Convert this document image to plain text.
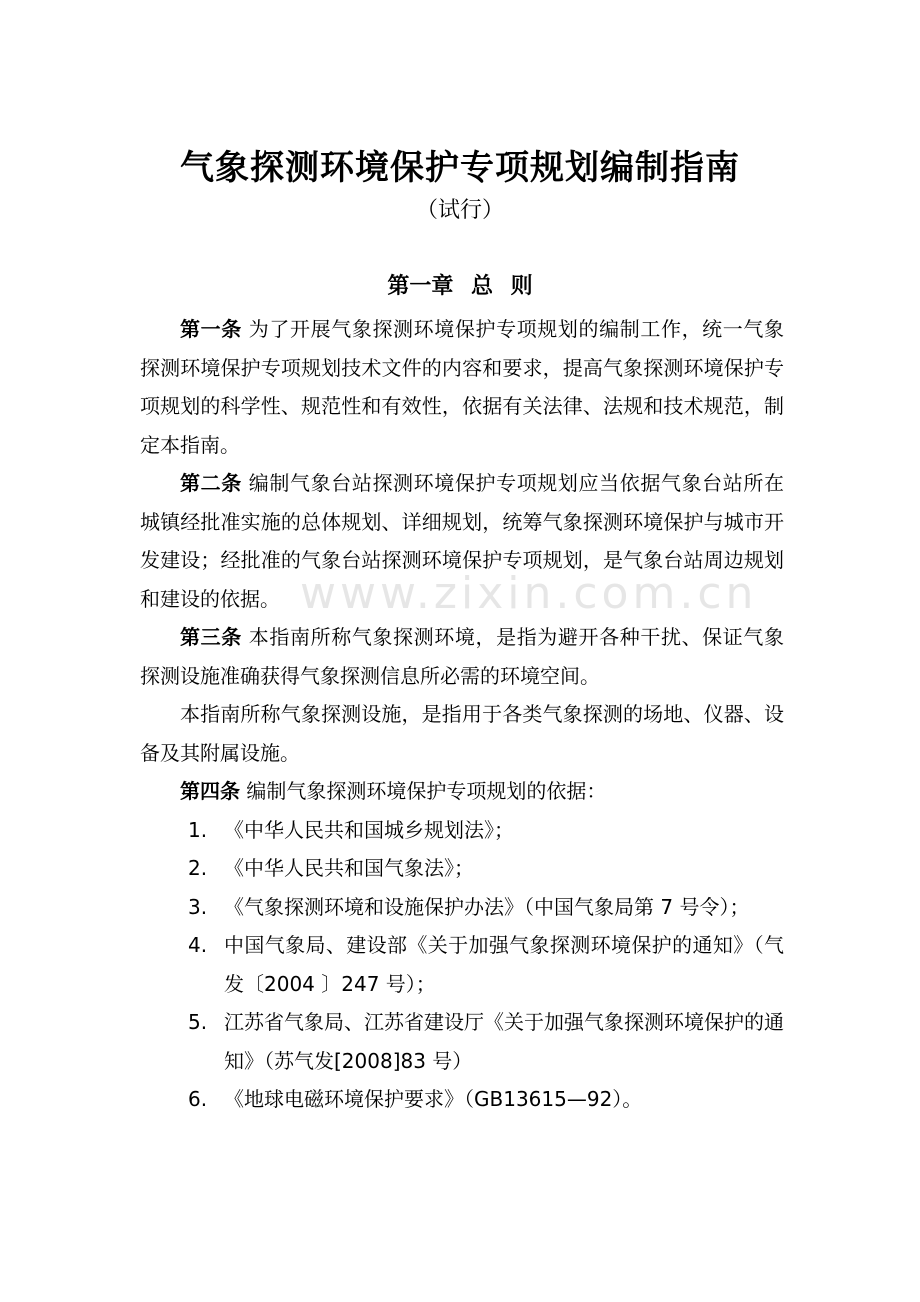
气象探测环境保护专项规划编制指南
（试行）
第一章 总 则
www.zixin.com.cn

第一条 为了开展气象探测环境保护专项规划的编制工作，统一气象探测环境保护专项规划技术文件的内容和要求，提高气象探测环境保护专项规划的科学性、规范性和有效性，依据有关法律、法规和技术规范，制定本指南。

第二条 编制气象台站探测环境保护专项规划应当依据气象台站所在城镇经批准实施的总体规划、详细规划，统筹气象探测环境保护与城市开发建设；经批准的气象台站探测环境保护专项规划，是气象台站周边规划和建设的依据。

第三条 本指南所称气象探测环境，是指为避开各种干扰、保证气象探测设施准确获得气象探测信息所必需的环境空间。

本指南所称气象探测设施，是指用于各类气象探测的场地、仪器、设备及其附属设施。

第四条 编制气象探测环境保护专项规划的依据：

1. 《中华人民共和国城乡规划法》；
2. 《中华人民共和国气象法》；
3. 《气象探测环境和设施保护办法》（中国气象局第 7 号令）；
4. 中国气象局、建设部《关于加强气象探测环境保护的通知》（气发〔2004 〕247 号）；
5. 江苏省气象局、江苏省建设厅《关于加强气象探测环境保护的通知》（苏气发[2008]83 号）
6. 《地球电磁环境保护要求》（GB13615—92）。
